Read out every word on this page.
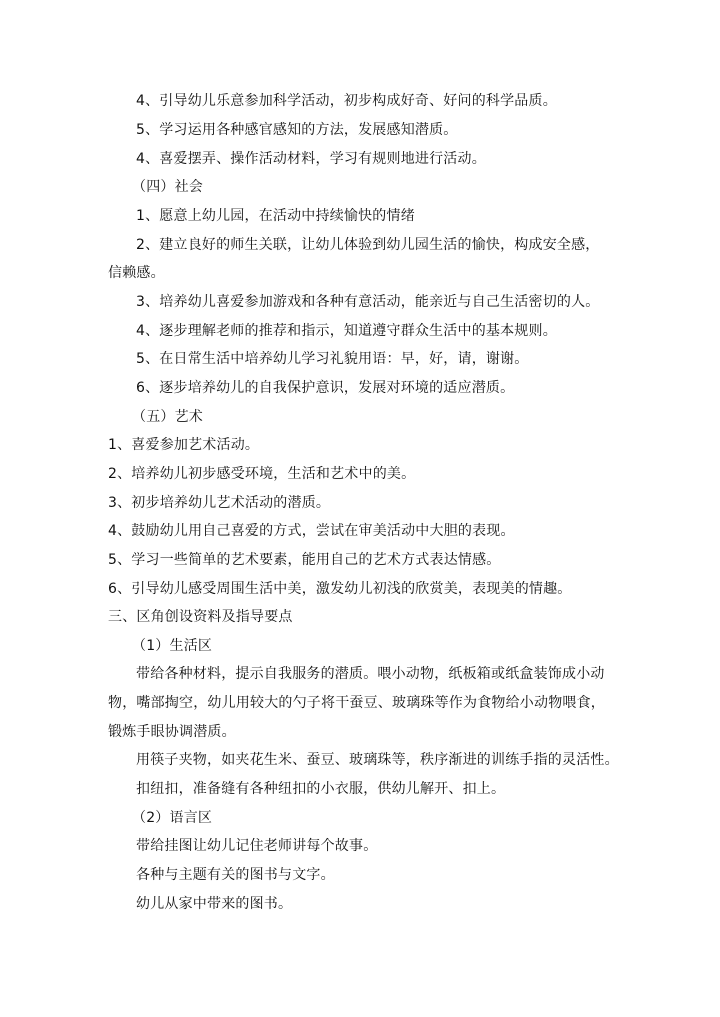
4、引导幼儿乐意参加科学活动，初步构成好奇、好问的科学品质。
5、学习运用各种感官感知的方法，发展感知潜质。
4、喜爱摆弄、操作活动材料，学习有规则地进行活动。
（四）社会
1、愿意上幼儿园，在活动中持续愉快的情绪
2、建立良好的师生关联，让幼儿体验到幼儿园生活的愉快，构成安全感，
信赖感。
3、培养幼儿喜爱参加游戏和各种有意活动，能亲近与自己生活密切的人。
4、逐步理解老师的推荐和指示，知道遵守群众生活中的基本规则。
5、在日常生活中培养幼儿学习礼貌用语：早，好，请，谢谢。
6、逐步培养幼儿的自我保护意识，发展对环境的适应潜质。
（五）艺术
1、喜爱参加艺术活动。
2、培养幼儿初步感受环境，生活和艺术中的美。
3、初步培养幼儿艺术活动的潜质。
4、鼓励幼儿用自己喜爱的方式，尝试在审美活动中大胆的表现。
5、学习一些简单的艺术要素，能用自己的艺术方式表达情感。
6、引导幼儿感受周围生活中美，激发幼儿初浅的欣赏美，表现美的情趣。
三、区角创设资料及指导要点
（1）生活区
带给各种材料，提示自我服务的潜质。喂小动物，纸板箱或纸盒装饰成小动
物，嘴部掏空，幼儿用较大的勺子将干蚕豆、玻璃珠等作为食物给小动物喂食，
锻炼手眼协调潜质。
用筷子夹物，如夹花生米、蚕豆、玻璃珠等，秩序渐进的训练手指的灵活性。
扣纽扣，准备缝有各种纽扣的小衣服，供幼儿解开、扣上。
（2）语言区
带给挂图让幼儿记住老师讲每个故事。
各种与主题有关的图书与文字。
幼儿从家中带来的图书。
